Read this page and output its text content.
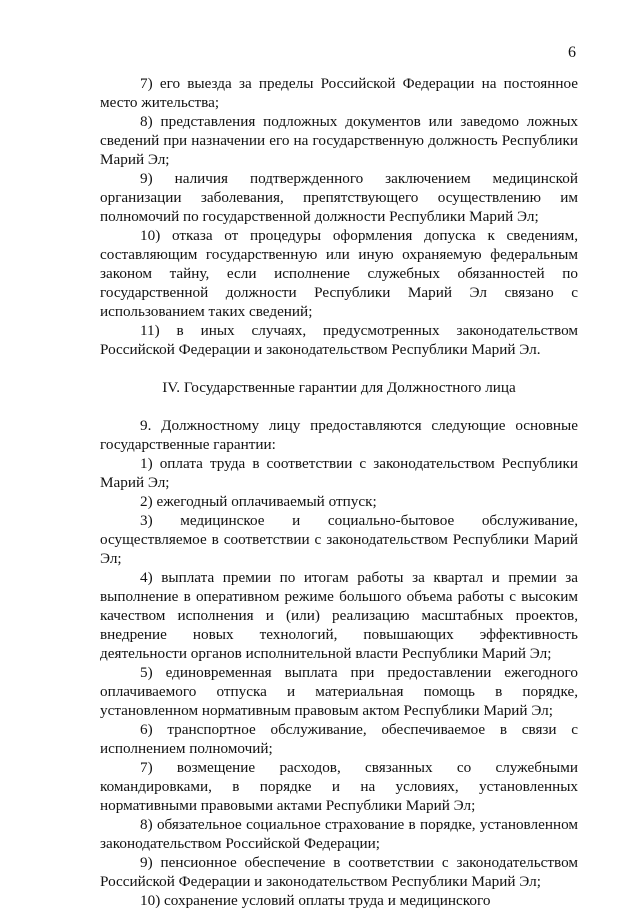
6

7) его выезда за пределы Российской Федерации на постоянное место жительства;

8) представления подложных документов или заведомо ложных сведений при назначении его на государственную должность Республики Марий Эл;

9) наличия подтвержденного заключением медицинской организации заболевания, препятствующего осуществлению им полномочий по государственной должности Республики Марий Эл;

10) отказа от процедуры оформления допуска к сведениям, составляющим государственную или иную охраняемую федеральным законом тайну, если исполнение служебных обязанностей по государственной должности Республики Марий Эл связано с использованием таких сведений;

11) в иных случаях, предусмотренных законодательством Российской Федерации и законодательством Республики Марий Эл.

IV. Государственные гарантии для Должностного лица

9. Должностному лицу предоставляются следующие основные государственные гарантии:

1) оплата труда в соответствии с законодательством Республики Марий Эл;

2) ежегодный оплачиваемый отпуск;

3) медицинское и социально-бытовое обслуживание, осуществляемое в соответствии с законодательством Республики Марий Эл;

4) выплата премии по итогам работы за квартал и премии за выполнение в оперативном режиме большого объема работы с высоким качеством исполнения и (или) реализацию масштабных проектов, внедрение новых технологий, повышающих эффективность деятельности органов исполнительной власти Республики Марий Эл;

5) единовременная выплата при предоставлении ежегодного оплачиваемого отпуска и материальная помощь в порядке, установленном нормативным правовым актом Республики Марий Эл;

6) транспортное обслуживание, обеспечиваемое в связи с исполнением полномочий;

7) возмещение расходов, связанных со служебными командировками, в порядке и на условиях, установленных нормативными правовыми актами Республики Марий Эл;

8) обязательное социальное страхование в порядке, установленном законодательством Российской Федерации;

9) пенсионное обеспечение в соответствии с законодательством Российской Федерации и законодательством Республики Марий Эл;

10) сохранение условий оплаты труда и медицинского
